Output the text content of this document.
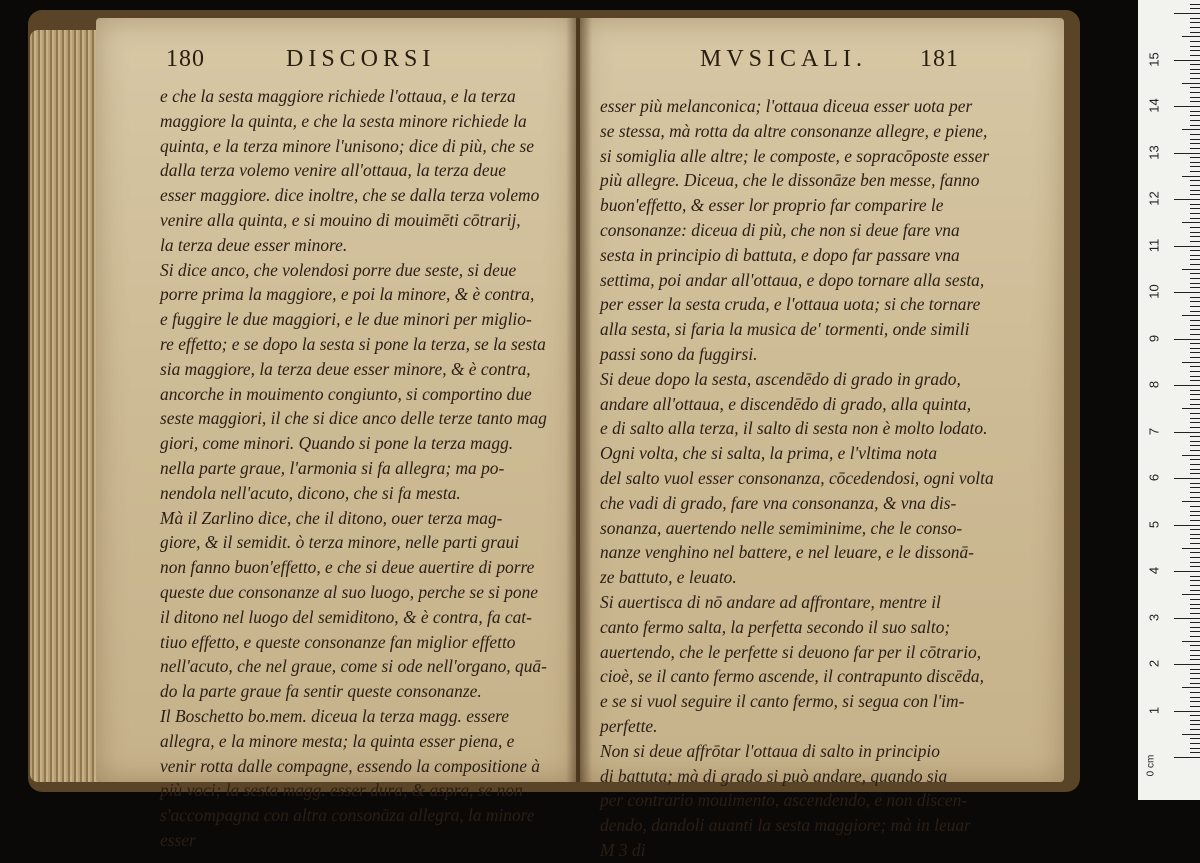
180	DISCORSI
e che la sesta maggiore richiede l'ottaua, e la terza
maggiore la quinta, e che la sesta minore richiede la
quinta, e la terza minore l'unisono; dice di più, che se
dalla terza volemo venire all'ottaua, la terza deue
esser maggiore. dice inoltre, che se dalla terza volemo
venire alla quinta, e si mouino di mouimēti cōtrarij,
la terza deue esser minore.
Si dice anco, che volendosi porre due seste, si deue
porre prima la maggiore, e poi la minore, & è contra,
e fuggire le due maggiori, e le due minori per miglio-
re effetto; e se dopo la sesta si pone la terza, se la sesta
sia maggiore, la terza deue esser minore, & è contra,
ancorche in mouimento congiunto, si comportino due
seste maggiori, il che si dice anco delle terze tanto mag
giori, come minori. Quando si pone la terza magg.
nella parte graue, l'armonia si fa allegra; ma po-
nendola nell'acuto, dicono, che si fa mesta.
Mà il Zarlino dice, che il ditono, ouer terza mag-
giore, & il semidit. ò terza minore, nelle parti graui
non fanno buon'effetto, e che si deue auertire di porre
queste due consonanze al suo luogo, perche se si pone
il ditono nel luogo del semiditono, & è contra, fa cat-
tiuo effetto, e queste consonanze fan miglior effetto
nell'acuto, che nel graue, come si ode nell'organo, quā-
do la parte graue fa sentir queste consonanze.
Il Boschetto bo.mem. diceua la terza magg. essere
allegra, e la minore mesta; la quinta esser piena, e
venir rotta dalle compagne, essendo la compositione à
più voci; la sesta magg. esser dura, & aspra, se non
s'accompagna con altra consonāza allegra, la minore
esser
MVSICALI. 181
esser più melanconica; l'ottaua diceua esser uota per
se stessa, mà rotta da altre consonanze allegre, e piene,
si somiglia alle altre; le composte, e sopracōposte esser
più allegre. Diceua, che le dissonāze ben messe, fanno
buon'effetto, & esser lor proprio far comparire le
consonanze: diceua di più, che non si deue fare vna
sesta in principio di battuta, e dopo far passare vna
settima, poi andar all'ottaua, e dopo tornare alla sesta,
per esser la sesta cruda, e l'ottaua uota; si che tornare
alla sesta, si faria la musica de' tormenti, onde simili
passi sono da fuggirsi.
Si deue dopo la sesta, ascendēdo di grado in grado,
andare all'ottaua, e discendēdo di grado, alla quinta,
e di salto alla terza, il salto di sesta non è molto lodato.
Ogni volta, che si salta, la prima, e l'vltima nota
del salto vuol esser consonanza, cōcedendosi, ogni volta
che vadi di grado, fare vna consonanza, & vna dis-
sonanza, auertendo nelle semiminime, che le conso-
nanze venghino nel battere, e nel leuare, e le dissonā-
ze battuto, e leuato.
Si auertisca di nō andare ad affrontare, mentre il
canto fermo salta, la perfetta secondo il suo salto;
auertendo, che le perfette si deuono far per il cōtrario,
cioè, se il canto fermo ascende, il contrapunto discēda,
e se si vuol seguire il canto fermo, si segua con l'im-
perfette.
Non si deue affrōtar l'ottaua di salto in principio
di battuta; mà di grado si può andare, quando sia
per contrario mouimento, ascendendo, e non discen-
dendo, dandoli auanti la sesta maggiore; mà in leuar
M 3 di
0 cm
1
2
3
4
5
6
7
8
9
10
11
12
13
14
15
